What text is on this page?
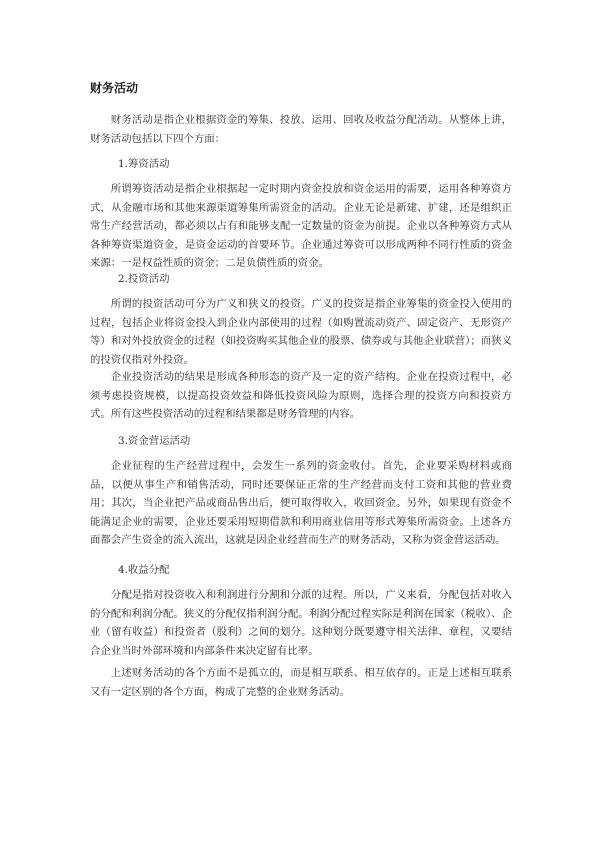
财务活动

财务活动是指企业根据资金的筹集、投放、运用、回收及收益分配活动。从整体上讲，财务活动包括以下四个方面：

1.筹资活动

所谓筹资活动是指企业根据起一定时期内资金投放和资金运用的需要，运用各种筹资方式，从金融市场和其他来源渠道筹集所需资金的活动。企业无论是新建、扩建，还是组织正常生产经营活动，都必须以占有和能够支配一定数量的资金为前提。企业以各种筹资方式从各种筹资渠道资金，是资金运动的首要环节。企业通过筹资可以形成两种不同行性质的资金来源：一是权益性质的资金；二是负债性质的资金。

2.投资活动

所谓的投资活动可分为广义和狭义的投资。广义的投资是指企业筹集的资金投入使用的过程，包括企业将资金投入到企业内部使用的过程（如购置流动资产、固定资产、无形资产等）和对外投放资金的过程（如投资购买其他企业的股票、债券或与其他企业联营）；而狭义的投资仅指对外投资。

企业投资活动的结果是形成各种形态的资产及一定的资产结构。企业在投资过程中，必须考虑投资规模，以提高投资效益和降低投资风险为原则，选择合理的投资方向和投资方式。所有这些投资活动的过程和结果都是财务管理的内容。

3.资金营运活动

企业征程的生产经营过程中，会发生一系列的资金收付。首先，企业要采购材料或商品，以便从事生产和销售活动，同时还要保证正常的生产经营而支付工资和其他的营业费用；其次，当企业把产品或商品售出后，便可取得收入，收回资金。另外，如果现有资金不能满足企业的需要，企业还要采用短期借款和利用商业信用等形式筹集所需资金。上述各方面都会产生资金的流入流出，这就是因企业经营而生产的财务活动，又称为资金营运活动。

4.收益分配

分配是指对投资收入和利润进行分割和分派的过程。所以，广义来看，分配包括对收入的分配和利润分配。狭义的分配仅指利润分配。利润分配过程实际是利润在国家（税收）、企业（留有收益）和投资者（股利）之间的划分。这种划分既要遵守相关法律、章程，又要结合企业当时外部环境和内部条件来决定留有比率。

上述财务活动的各个方面不是孤立的，而是相互联系、相互依存的。正是上述相互联系又有一定区别的各个方面，构成了完整的企业财务活动。
